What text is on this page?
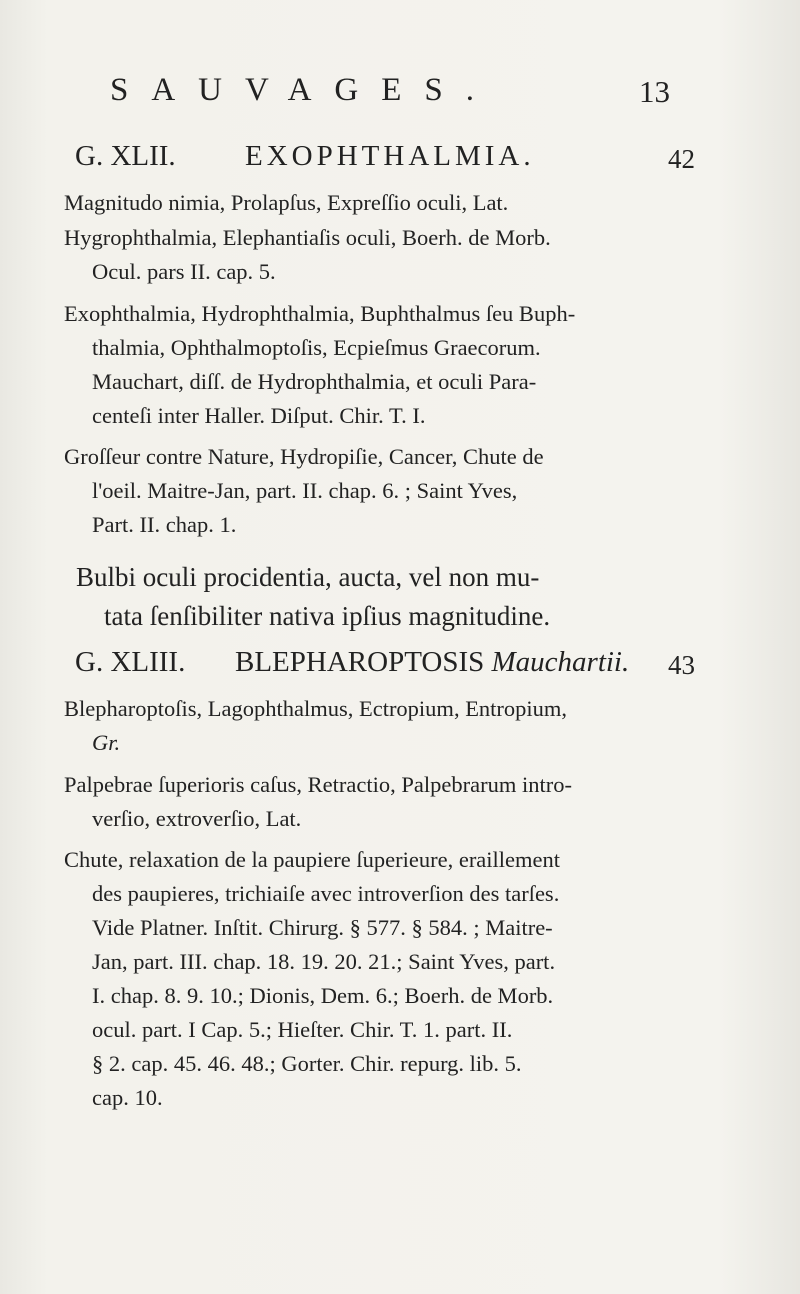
SAUVAGES.	13
G. XLII. EXOPHTHALMIA.	42
Magnitudo nimia, Prolapſus, Expreſſio oculi, Lat.
Hygrophthalmia, Elephantiaſis oculi, Boerh. de Morb.
Ocul. pars II. cap. 5.
Exophthalmia, Hydrophthalmia, Buphthalmus ſeu Buph-
thalmia, Ophthalmoptoſis, Ecpieſmus Graecorum.
Mauchart, diſſ. de Hydrophthalmia, et oculi Para-
centeſi inter Haller. Diſput. Chir. T. I.
Groſſeur contre Nature, Hydropiſie, Cancer, Chute de
l'oeil. Maitre-Jan, part. II. chap. 6. ; Saint Yves,
Part. II. chap. 1.
Bulbi oculi procidentia, aucta, vel non mu-
tata ſenſibiliter nativa ipſius magnitudine.
G. XLIII. BLEPHAROPTOSIS Mauchartii. 43
Blepharoptoſis, Lagophthalmus, Ectropium, Entropium,
Gr.
Palpebrae ſuperioris caſus, Retractio, Palpebrarum intro-
verſio, extroverſio, Lat.
Chute, relaxation de la paupiere ſuperieure, eraillement
des paupieres, trichiaiſe avec introverſion des tarſes.
Vide Platner. Inſtit. Chirurg. § 577. § 584. ; Maitre-
Jan, part. III. chap. 18. 19. 20. 21.; Saint Yves, part.
I. chap. 8. 9. 10.; Dionis, Dem. 6.; Boerh. de Morb.
ocul. part. I Cap. 5.; Hieſter. Chir. T. 1. part. II.
§ 2. cap. 45. 46. 48.; Gorter. Chir. repurg. lib. 5.
cap. 10.
